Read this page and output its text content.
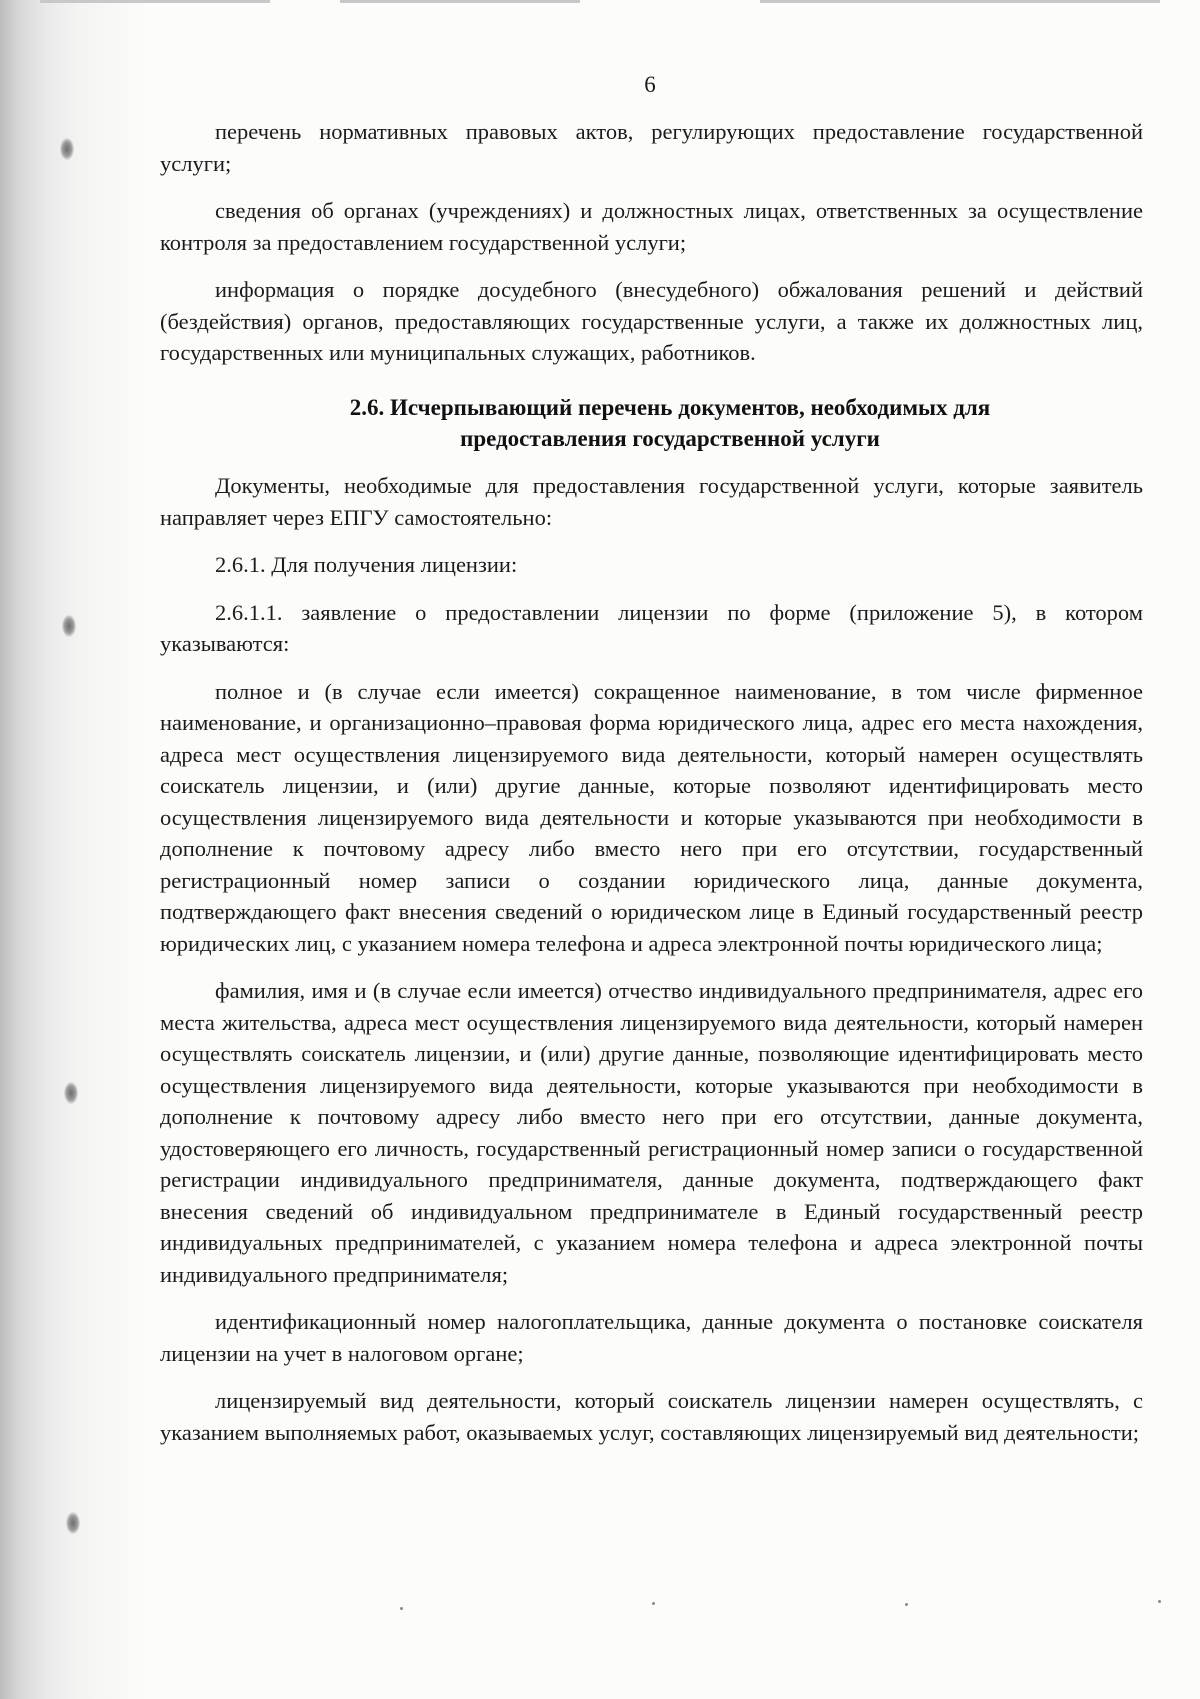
6

перечень нормативных правовых актов, регулирующих предоставление государственной услуги;

сведения об органах (учреждениях) и должностных лицах, ответственных за осуществление контроля за предоставлением государственной услуги;

информация о порядке досудебного (внесудебного) обжалования решений и действий (бездействия) органов, предоставляющих государственные услуги, а также их должностных лиц, государственных или муниципальных служащих, работников.

2.6. Исчерпывающий перечень документов, необходимых для предоставления государственной услуги

Документы, необходимые для предоставления государственной услуги, которые заявитель направляет через ЕПГУ самостоятельно:

2.6.1. Для получения лицензии:

2.6.1.1. заявление о предоставлении лицензии по форме (приложение 5), в котором указываются:

полное и (в случае если имеется) сокращенное наименование, в том числе фирменное наименование, и организационно–правовая форма юридического лица, адрес его места нахождения, адреса мест осуществления лицензируемого вида деятельности, который намерен осуществлять соискатель лицензии, и (или) другие данные, которые позволяют идентифицировать место осуществления лицензируемого вида деятельности и которые указываются при необходимости в дополнение к почтовому адресу либо вместо него при его отсутствии, государственный регистрационный номер записи о создании юридического лица, данные документа, подтверждающего факт внесения сведений о юридическом лице в Единый государственный реестр юридических лиц, с указанием номера телефона и адреса электронной почты юридического лица;

фамилия, имя и (в случае если имеется) отчество индивидуального предпринимателя, адрес его места жительства, адреса мест осуществления лицензируемого вида деятельности, который намерен осуществлять соискатель лицензии, и (или) другие данные, позволяющие идентифицировать место осуществления лицензируемого вида деятельности, которые указываются при необходимости в дополнение к почтовому адресу либо вместо него при его отсутствии, данные документа, удостоверяющего его личность, государственный регистрационный номер записи о государственной регистрации индивидуального предпринимателя, данные документа, подтверждающего факт внесения сведений об индивидуальном предпринимателе в Единый государственный реестр индивидуальных предпринимателей, с указанием номера телефона и адреса электронной почты индивидуального предпринимателя;

идентификационный номер налогоплательщика, данные документа о постановке соискателя лицензии на учет в налоговом органе;

лицензируемый вид деятельности, который соискатель лицензии намерен осуществлять, с указанием выполняемых работ, оказываемых услуг, составляющих лицензируемый вид деятельности;
